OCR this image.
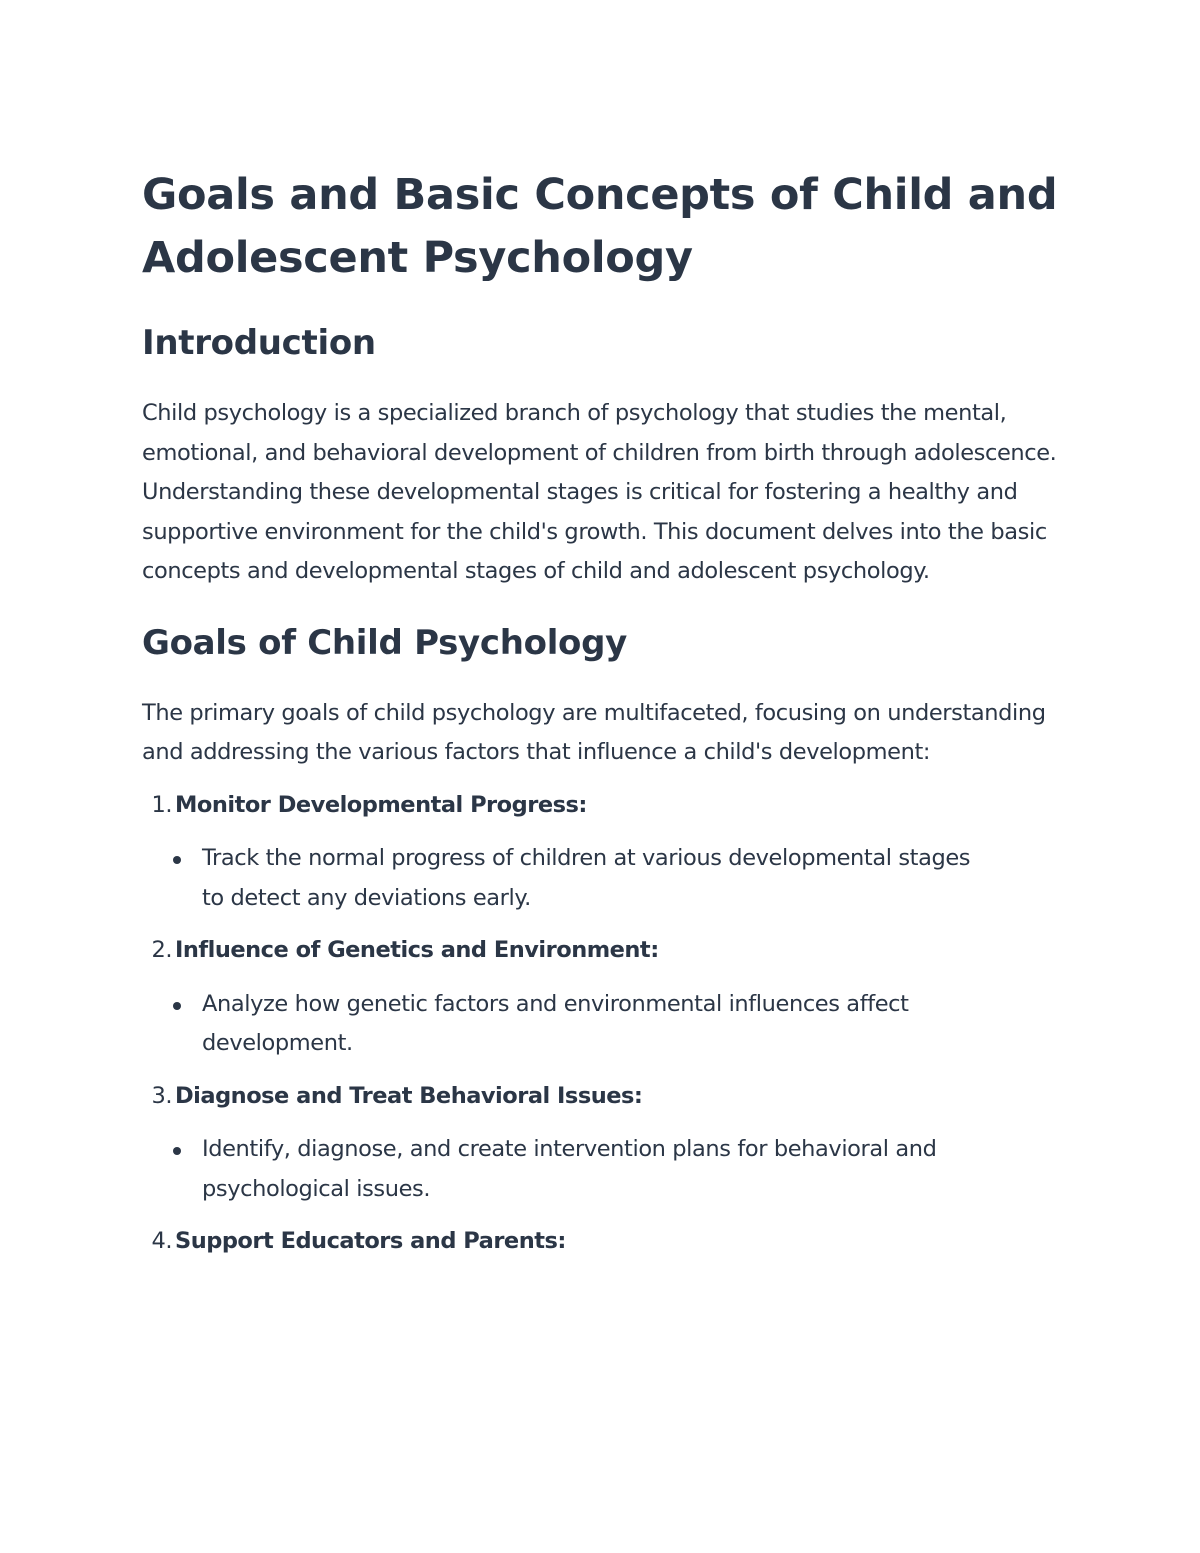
Goals and Basic Concepts of Child and Adolescent Psychology
Introduction

Child psychology is a specialized branch of psychology that studies the mental, emotional, and behavioral development of children from birth through adolescence. Understanding these developmental stages is critical for fostering a healthy and supportive environment for the child's growth. This document delves into the basic concepts and developmental stages of child and adolescent psychology.

Goals of Child Psychology

The primary goals of child psychology are multifaceted, focusing on understanding and addressing the various factors that influence a child's development:

1. Monitor Developmental Progress:
Track the normal progress of children at various developmental stages to detect any deviations early.
2. Influence of Genetics and Environment:
Analyze how genetic factors and environmental influences affect development.
3. Diagnose and Treat Behavioral Issues:
Identify, diagnose, and create intervention plans for behavioral and psychological issues.
4. Support Educators and Parents:
